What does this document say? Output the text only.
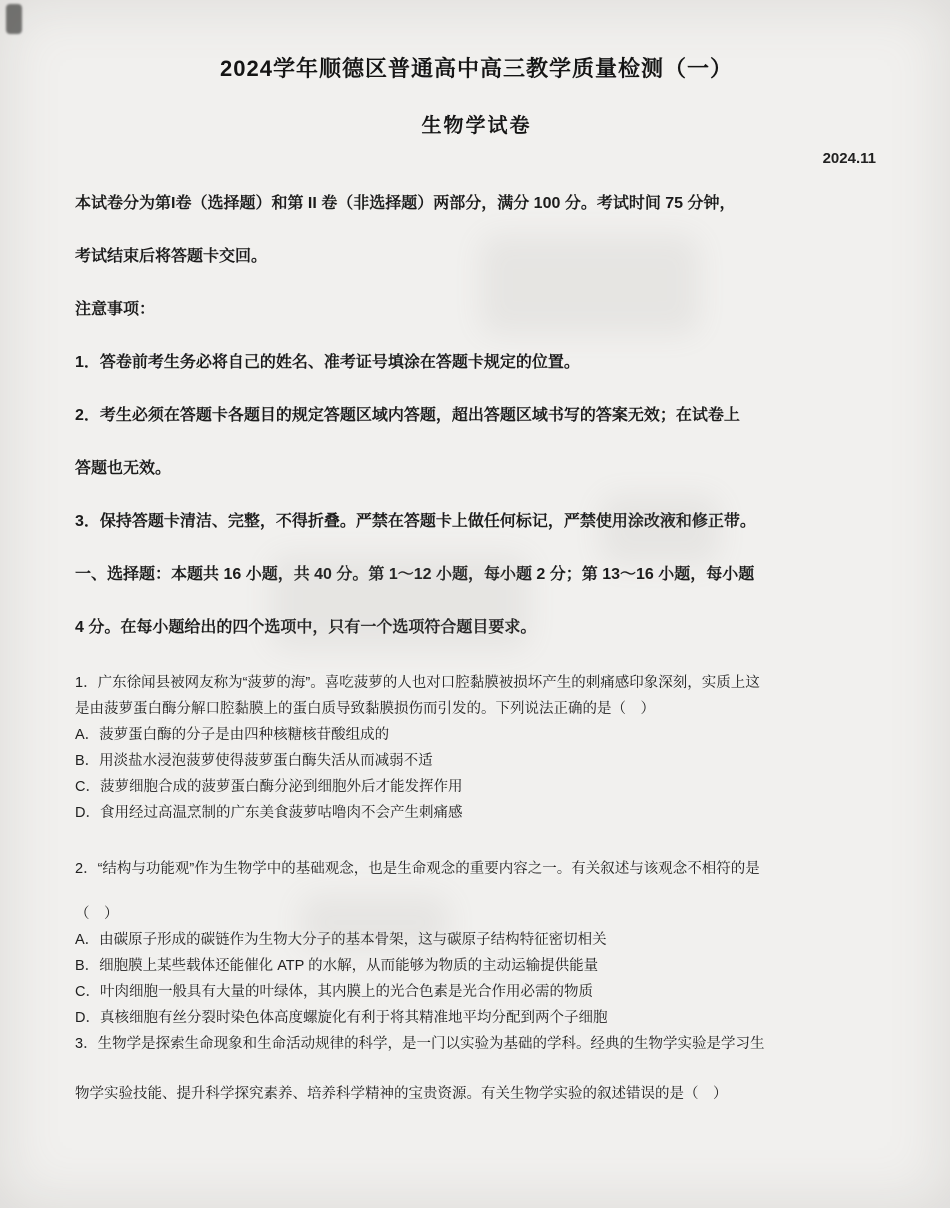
2024学年顺德区普通高中高三教学质量检测（一）
生物学试卷
2024.11

本试卷分为第I卷（选择题）和第 II 卷（非选择题）两部分，满分 100 分。考试时间 75 分钟，

考试结束后将答题卡交回。

注意事项：

1．答卷前考生务必将自己的姓名、准考证号填涂在答题卡规定的位置。

2．考生必须在答题卡各题目的规定答题区域内答题，超出答题区域书写的答案无效；在试卷上

答题也无效。

3．保持答题卡清洁、完整，不得折叠。严禁在答题卡上做任何标记，严禁使用涂改液和修正带。

一、选择题：本题共 16 小题，共 40 分。第 1～12 小题，每小题 2 分；第 13～16 小题，每小题

4 分。在每小题给出的四个选项中，只有一个选项符合题目要求。

1．广东徐闻县被网友称为“菠萝的海”。喜吃菠萝的人也对口腔黏膜被损坏产生的刺痛感印象深刻，实质上这

是由菠萝蛋白酶分解口腔黏膜上的蛋白质导致黏膜损伤而引发的。下列说法正确的是（　）

A．菠萝蛋白酶的分子是由四种核糖核苷酸组成的

B．用淡盐水浸泡菠萝使得菠萝蛋白酶失活从而减弱不适

C．菠萝细胞合成的菠萝蛋白酶分泌到细胞外后才能发挥作用

D．食用经过高温烹制的广东美食菠萝咕噜肉不会产生刺痛感

2．“结构与功能观”作为生物学中的基础观念，也是生命观念的重要内容之一。有关叙述与该观念不相符的是

（　）

A．由碳原子形成的碳链作为生物大分子的基本骨架，这与碳原子结构特征密切相关

B．细胞膜上某些载体还能催化 ATP 的水解，从而能够为物质的主动运输提供能量

C．叶肉细胞一般具有大量的叶绿体，其内膜上的光合色素是光合作用必需的物质

D．真核细胞有丝分裂时染色体高度螺旋化有利于将其精准地平均分配到两个子细胞

3．生物学是探索生命现象和生命活动规律的科学，是一门以实验为基础的学科。经典的生物学实验是学习生

物学实验技能、提升科学探究素养、培养科学精神的宝贵资源。有关生物学实验的叙述错误的是（　）
